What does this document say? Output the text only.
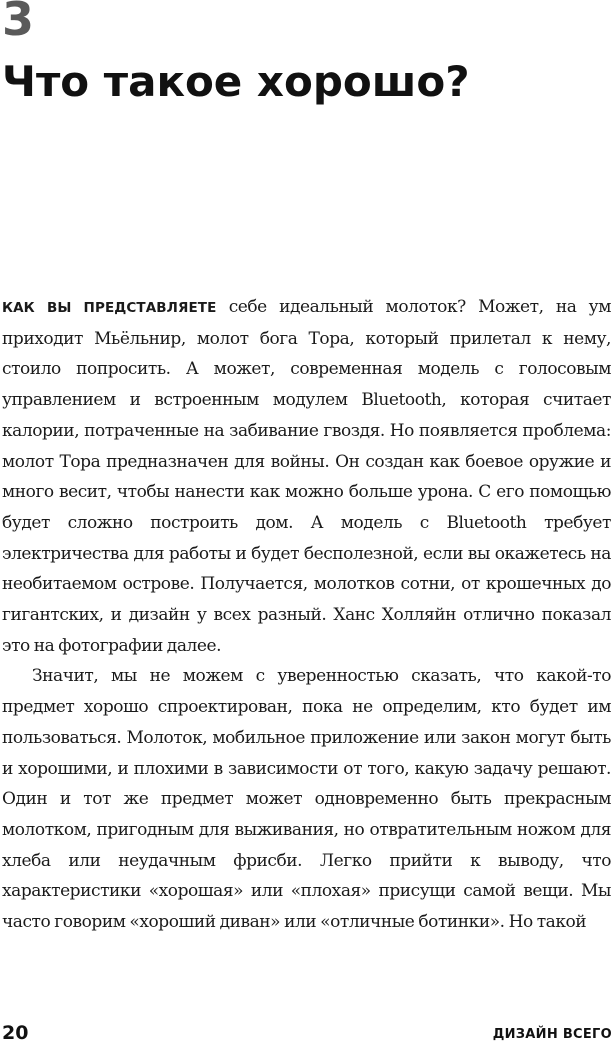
3
Что такое хорошо?

КАК ВЫ ПРЕДСТАВЛЯЕТЕ себе идеальный молоток? Может, на ум приходит Мьёльнир, молот бога Тора, который прилетал к нему, стоило попросить. А может, современная модель с голосовым управлением и встроенным модулем Bluetooth, которая считает калории, потраченные на забивание гвоздя. Но появляется проблема: молот Тора предназначен для войны. Он создан как боевое оружие и много весит, чтобы нанести как можно больше урона. С его помощью будет сложно построить дом. А модель с Bluetooth требует электричества для работы и будет бесполезной, если вы окажетесь на необитаемом острове. Получается, молотков сотни, от крошечных до гигантских, и дизайн у всех разный. Ханс Холляйн отлично показал это на фотографии далее.

Значит, мы не можем с уверенностью сказать, что какой-то предмет хорошо спроектирован, пока не определим, кто будет им пользоваться. Молоток, мобильное приложение или закон могут быть и хорошими, и плохими в зависимости от того, какую задачу решают. Один и тот же предмет может одновременно быть прекрасным молотком, пригодным для выживания, но отвратительным ножом для хлеба или неудачным фрисби. Легко прийти к выводу, что характеристики «хорошая» или «плохая» присущи самой вещи. Мы часто говорим «хороший диван» или «отличные ботинки». Но такой

20	ДИЗАЙН ВСЕГО
